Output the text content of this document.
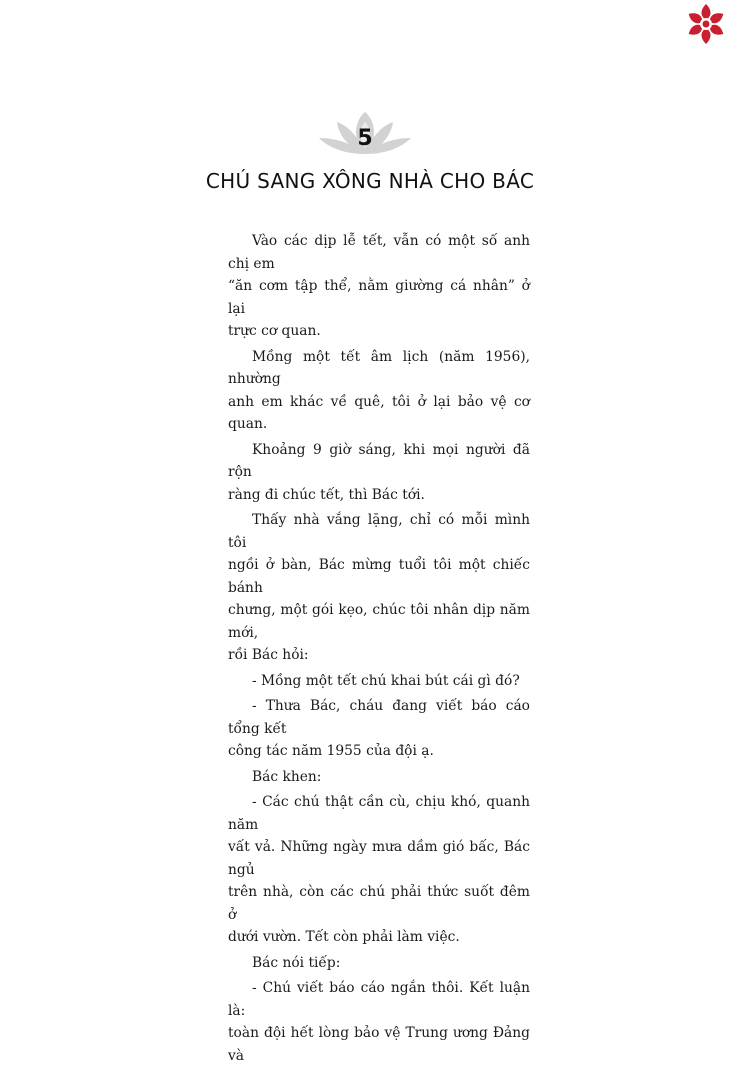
5
CHÚ SANG XÔNG NHÀ CHO BÁC

Vào các dịp lễ tết, vẫn có một số anh chị em
“ăn cơm tập thể, nằm giường cá nhân” ở lại
trực cơ quan.

Mồng một tết âm lịch (năm 1956), nhường
anh em khác về quê, tôi ở lại bảo vệ cơ quan.

Khoảng 9 giờ sáng, khi mọi người đã rộn
ràng đi chúc tết, thì Bác tới.

Thấy nhà vắng lặng, chỉ có mỗi mình tôi
ngồi ở bàn, Bác mừng tuổi tôi một chiếc bánh
chưng, một gói kẹo, chúc tôi nhân dịp năm mới,
rồi Bác hỏi:

- Mồng một tết chú khai bút cái gì đó?

- Thưa Bác, cháu đang viết báo cáo tổng kết
công tác năm 1955 của đội ạ.

Bác khen:

- Các chú thật cần cù, chịu khó, quanh năm
vất vả. Những ngày mưa dầm gió bấc, Bác ngủ
trên nhà, còn các chú phải thức suốt đêm ở
dưới vườn. Tết còn phải làm việc.

Bác nói tiếp:

- Chú viết báo cáo ngắn thôi. Kết luận là:
toàn đội hết lòng bảo vệ Trung ương Đảng và
